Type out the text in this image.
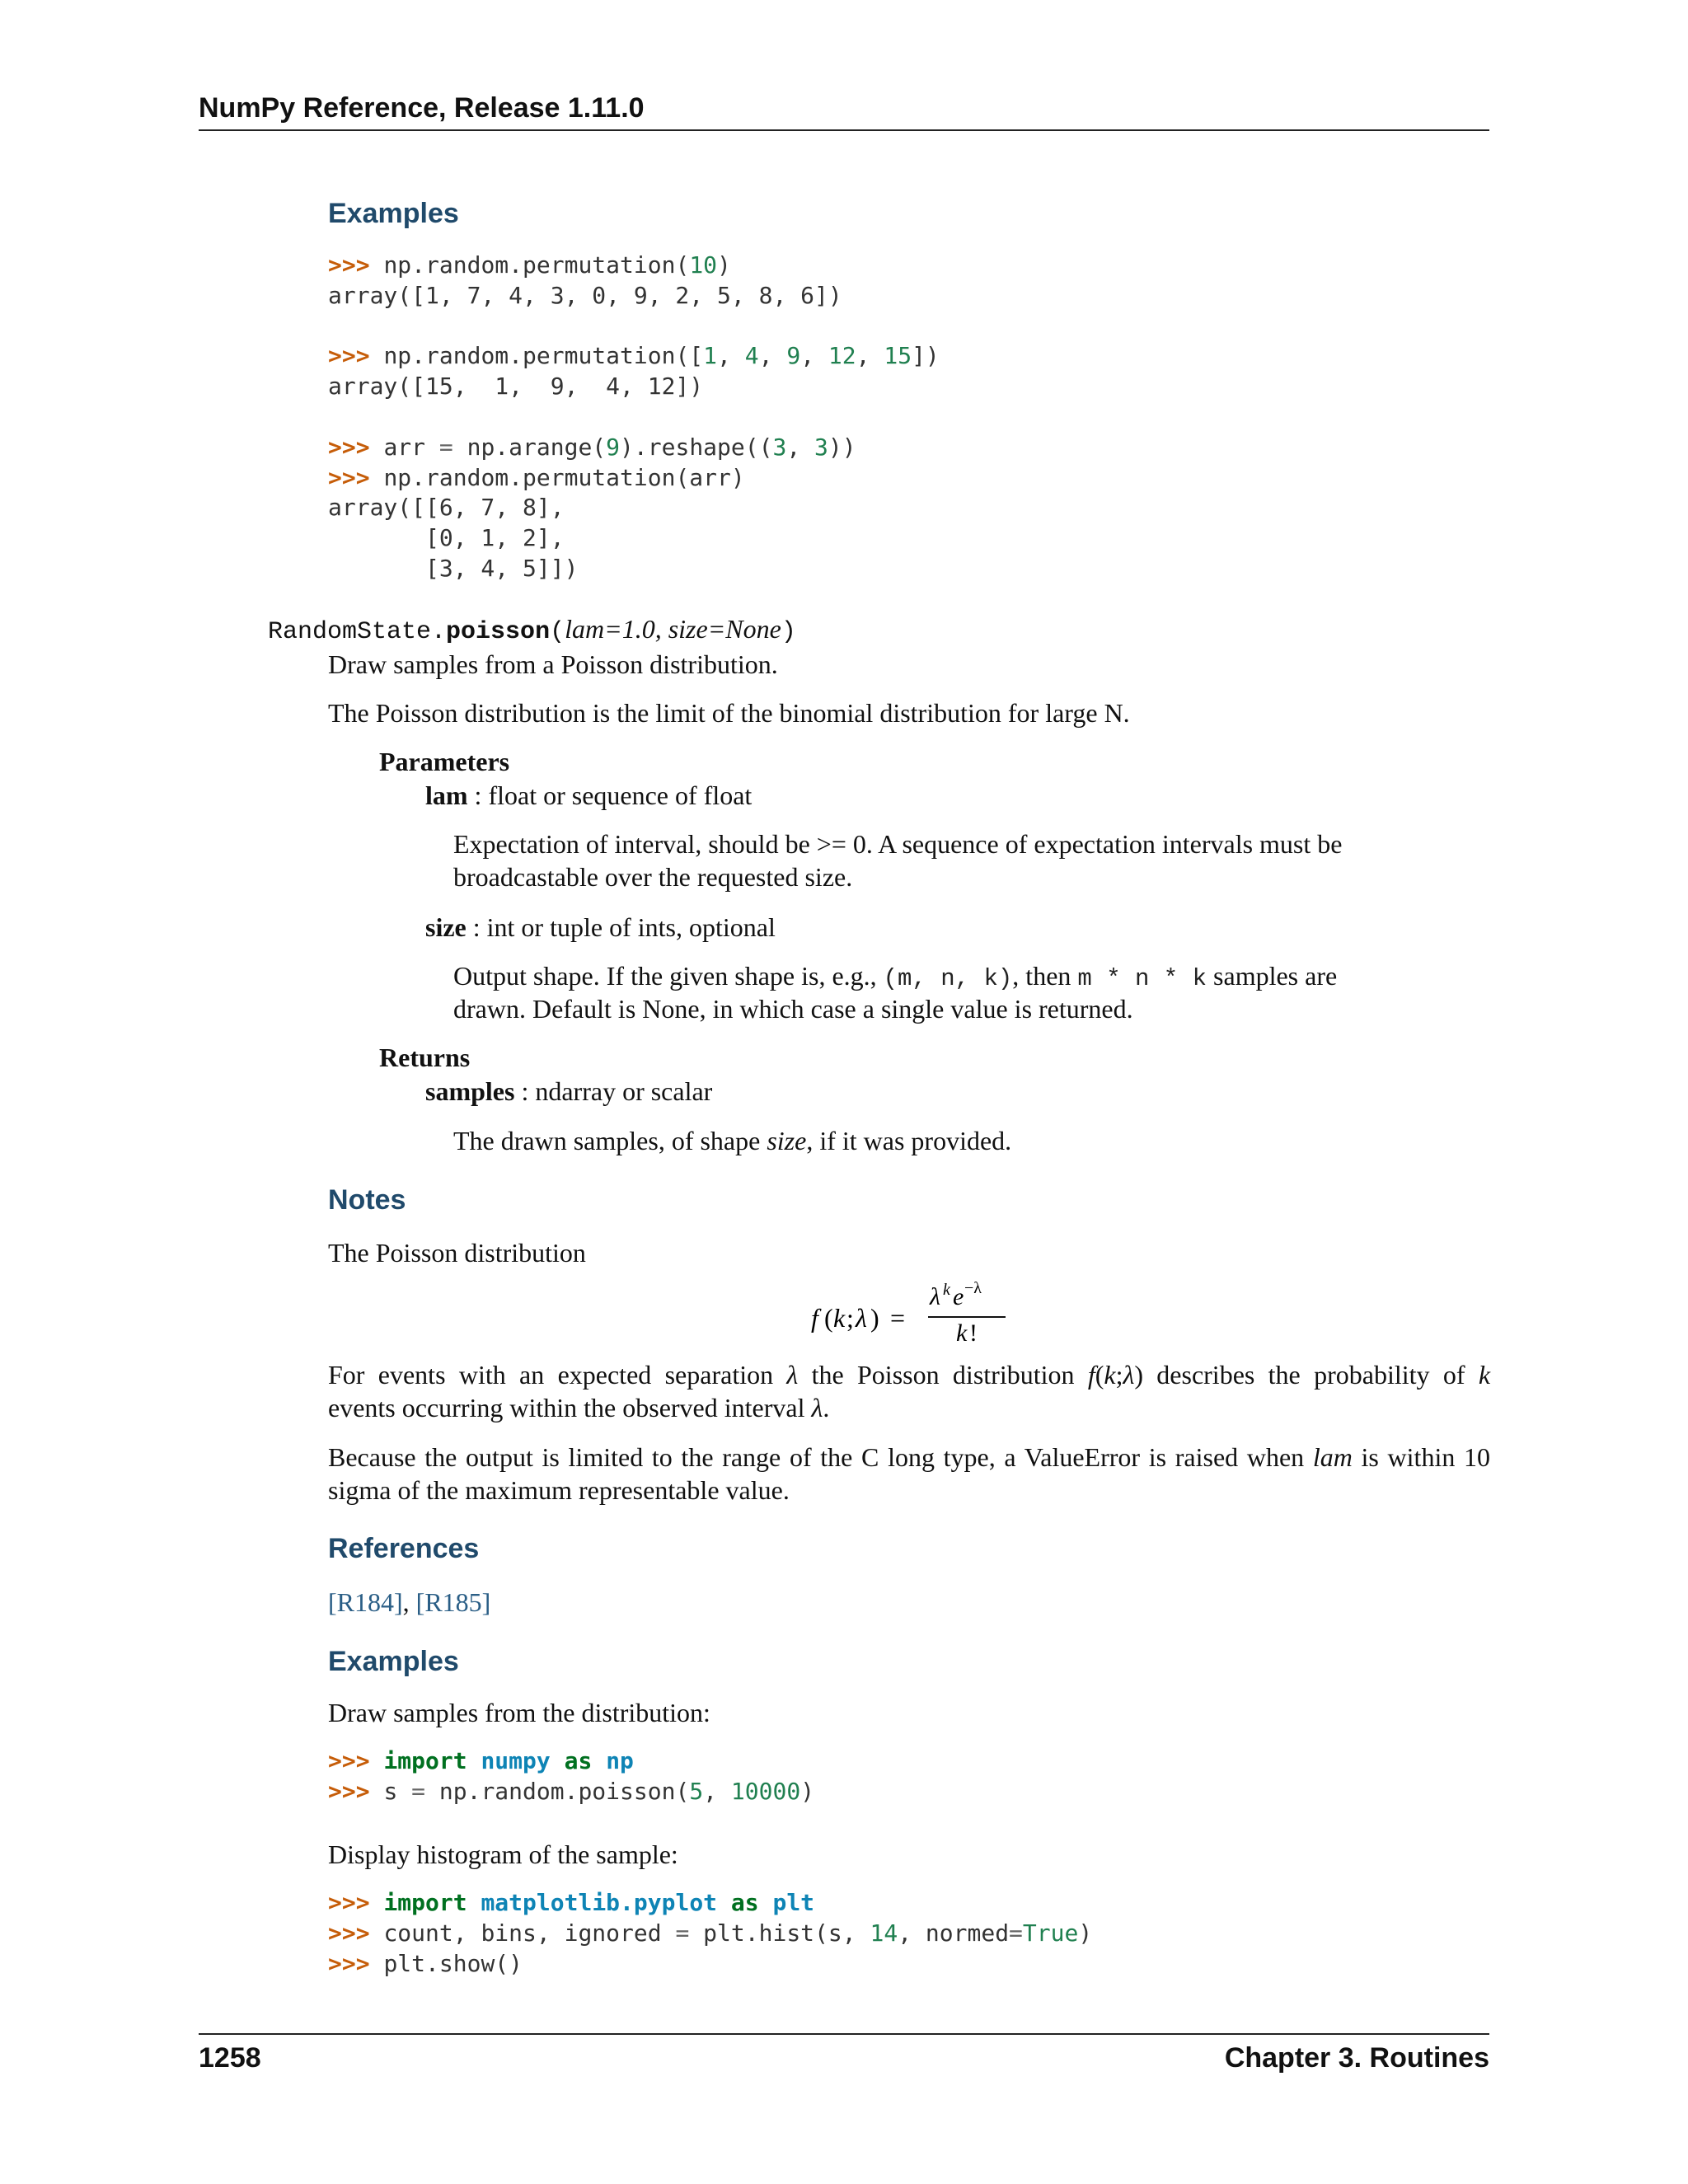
NumPy Reference, Release 1.11.0
Examples
>>> np.random.permutation(10)
array([1, 7, 4, 3, 0, 9, 2, 5, 8, 6])

>>> np.random.permutation([1, 4, 9, 12, 15])
array([15,  1,  9,  4, 12])

>>> arr = np.arange(9).reshape((3, 3))
>>> np.random.permutation(arr)
array([[6, 7, 8],
[0, 1, 2],
[3, 4, 5]])
RandomState.poisson(lam=1.0, size=None)

Draw samples from a Poisson distribution.

The Poisson distribution is the limit of the binomial distribution for large N.

Parameters

lam : float or sequence of float

Expectation of interval, should be >= 0. A sequence of expectation intervals must be

broadcastable over the requested size.

size : int or tuple of ints, optional

Output shape. If the given shape is, e.g., (m, n, k), then m * n * k samples are

drawn. Default is None, in which case a single value is returned.

Returns

samples : ndarray or scalar

The drawn samples, of shape size, if it was provided.

Notes

The Poisson distribution

f ( k ; λ ) =
λ k e −λ
k !

For events with an expected separation λ the Poisson distribution f(k;λ) describes the probability of k

events occurring within the observed interval λ.

Because the output is limited to the range of the C long type, a ValueError is raised when lam is within 10

sigma of the maximum representable value.

References

[R184], [R185]

Examples

Draw samples from the distribution:

>>> import numpy as np
>>> s = np.random.poisson(5, 10000)

Display histogram of the sample:

>>> import matplotlib.pyplot as plt
>>> count, bins, ignored = plt.hist(s, 14, normed=True)
>>> plt.show()
1258	Chapter 3. Routines
